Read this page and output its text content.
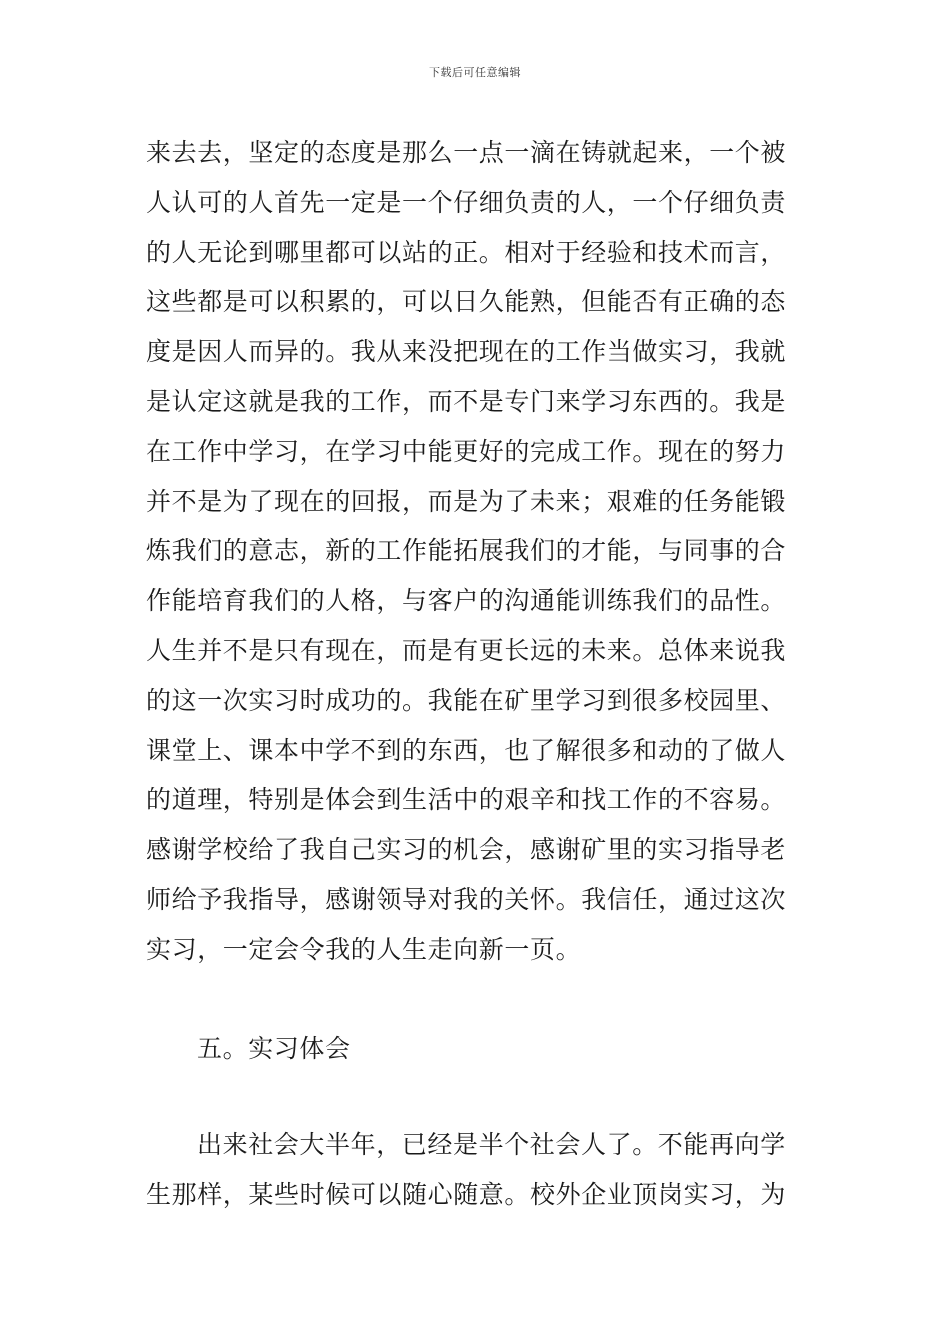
下载后可任意编辑
来去去，坚定的态度是那么一点一滴在铸就起来，一个被
人认可的人首先一定是一个仔细负责的人，一个仔细负责
的人无论到哪里都可以站的正。相对于经验和技术而言，
这些都是可以积累的，可以日久能熟，但能否有正确的态
度是因人而异的。我从来没把现在的工作当做实习，我就
是认定这就是我的工作，而不是专门来学习东西的。我是
在工作中学习，在学习中能更好的完成工作。现在的努力
并不是为了现在的回报，而是为了未来；艰难的任务能锻
炼我们的意志，新的工作能拓展我们的才能，与同事的合
作能培育我们的人格，与客户的沟通能训练我们的品性。
人生并不是只有现在，而是有更长远的未来。总体来说我
的这一次实习时成功的。我能在矿里学习到很多校园里、
课堂上、课本中学不到的东西，也了解很多和动的了做人
的道理，特别是体会到生活中的艰辛和找工作的不容易。
感谢学校给了我自己实习的机会，感谢矿里的实习指导老
师给予我指导，感谢领导对我的关怀。我信任，通过这次
实习，一定会令我的人生走向新一页。
五。实习体会
出来社会大半年，已经是半个社会人了。不能再向学
生那样，某些时候可以随心随意。校外企业顶岗实习，为
